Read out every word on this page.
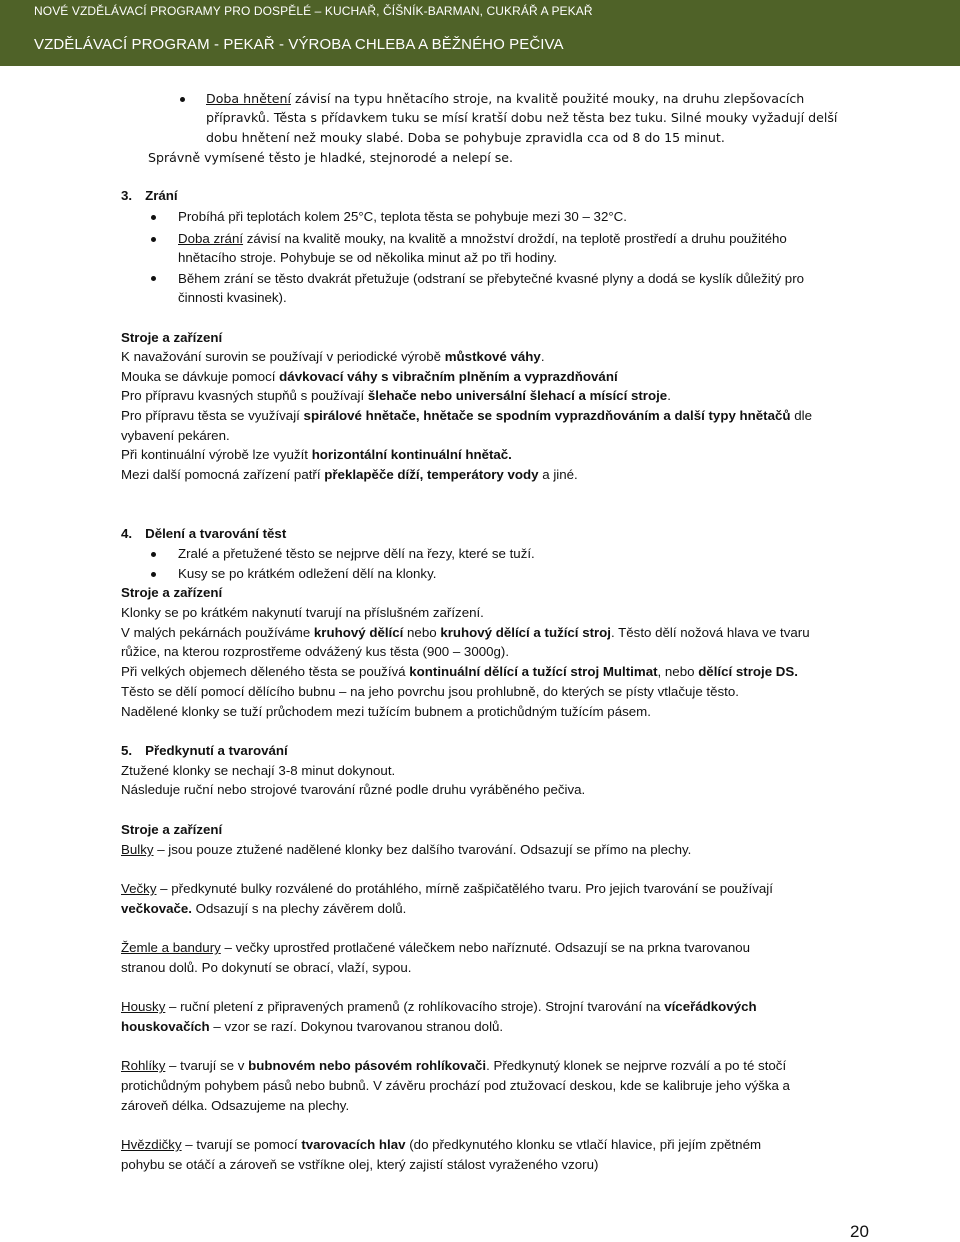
NOVÉ VZDĚLÁVACÍ PROGRAMY PRO DOSPĚLÉ – KUCHAŘ, ČÍŠNÍK-BARMAN, CUKRÁŘ A PEKAŘ
VZDĚLÁVACÍ PROGRAM - PEKAŘ - VÝROBA CHLEBA A BĚŽNÉHO PEČIVA
Doba hnětení závisí na typu hnětacího stroje, na kvalitě použité mouky, na druhu zlepšovacích
přípravků. Těsta s přídavkem tuku se mísí kratší dobu než těsta bez tuku. Silné mouky vyžadují delší
dobu hnětení než mouky slabé. Doba se pohybuje zpravidla cca od 8 do 15 minut.
Správně vymísené těsto je hladké, stejnorodé a nelepí se.
3. Zrání
Probíhá při teplotách kolem 25°C, teplota těsta se pohybuje mezi 30 – 32°C.
Doba zrání závisí na kvalitě mouky, na kvalitě a množství droždí, na teplotě prostředí a druhu použitého
hnětacího stroje. Pohybuje se od několika minut až po tři hodiny.
Během zrání se těsto dvakrát přetužuje (odstraní se přebytečné kvasné plyny a dodá se kyslík důležitý pro
činnosti kvasinek).
Stroje a zařízení
K navažování surovin se používají v periodické výrobě můstkové váhy.
Mouka se dávkuje pomocí dávkovací váhy s vibračním plněním a vyprazdňování
Pro přípravu kvasných stupňů s používají šlehače nebo universální šlehací a mísící stroje.
Pro přípravu těsta se využívají spirálové hnětače, hnětače se spodním vyprazdňováním a další typy hnětačů dle
vybavení pekáren.
Při kontinuální výrobě lze využít horizontální kontinuální hnětač.
Mezi další pomocná zařízení patří překlapěče díží, temperátory vody a jiné.
4. Dělení a tvarování těst
Zralé a přetužené těsto se nejprve dělí na řezy, které se tuží.
Kusy se po krátkém odležení dělí na klonky.
Stroje a zařízení
Klonky se po krátkém nakynutí tvarují na příslušném zařízení.
V malých pekárnách používáme kruhový dělící nebo kruhový dělící a tužící stroj. Těsto dělí nožová hlava ve tvaru
růžice, na kterou rozprostřeme odvážený kus těsta (900 – 3000g).
Při velkých objemech děleného těsta se používá kontinuální dělící a tužící stroj Multimat, nebo dělící stroje DS.
Těsto se dělí pomocí dělícího bubnu – na jeho povrchu jsou prohlubně, do kterých se písty vtlačuje těsto.
Nadělené klonky se tuží průchodem mezi tužícím bubnem a protichůdným tužícím pásem.
5. Předkynutí a tvarování
Ztužené klonky se nechají 3-8 minut dokynout.
Následuje ruční nebo strojové tvarování různé podle druhu vyráběného pečiva.
Stroje a zařízení
Bulky – jsou pouze ztužené nadělené klonky bez dalšího tvarování. Odsazují se přímo na plechy.
Večky – předkynuté bulky rozválené do protáhlého, mírně zašpičatělého tvaru. Pro jejich tvarování se používají
večkovače. Odsazují s na plechy závěrem dolů.
Žemle a bandury – večky uprostřed protlačené válečkem nebo naříznuté. Odsazují se na prkna tvarovanou
stranou dolů. Po dokynutí se obrací, vlaží, sypou.
Housky – ruční pletení z připravených pramenů (z rohlíkovacího stroje). Strojní tvarování na víceřádkových
houskovačích – vzor se razí. Dokynou tvarovanou stranou dolů.
Rohlíky – tvarují se v bubnovém nebo pásovém rohlíkovači. Předkynutý klonek se nejprve rozválí a po té stočí
protichůdným pohybem pásů nebo bubnů. V závěru prochází pod ztužovací deskou, kde se kalibruje jeho výška a
zároveň délka. Odsazujeme na plechy.
Hvězdičky – tvarují se pomocí tvarovacích hlav (do předkynutého klonku se vtlačí hlavice, při jejím zpětném
pohybu se otáčí a zároveň se vstříkne olej, který zajistí stálost vyraženého vzoru)
20
